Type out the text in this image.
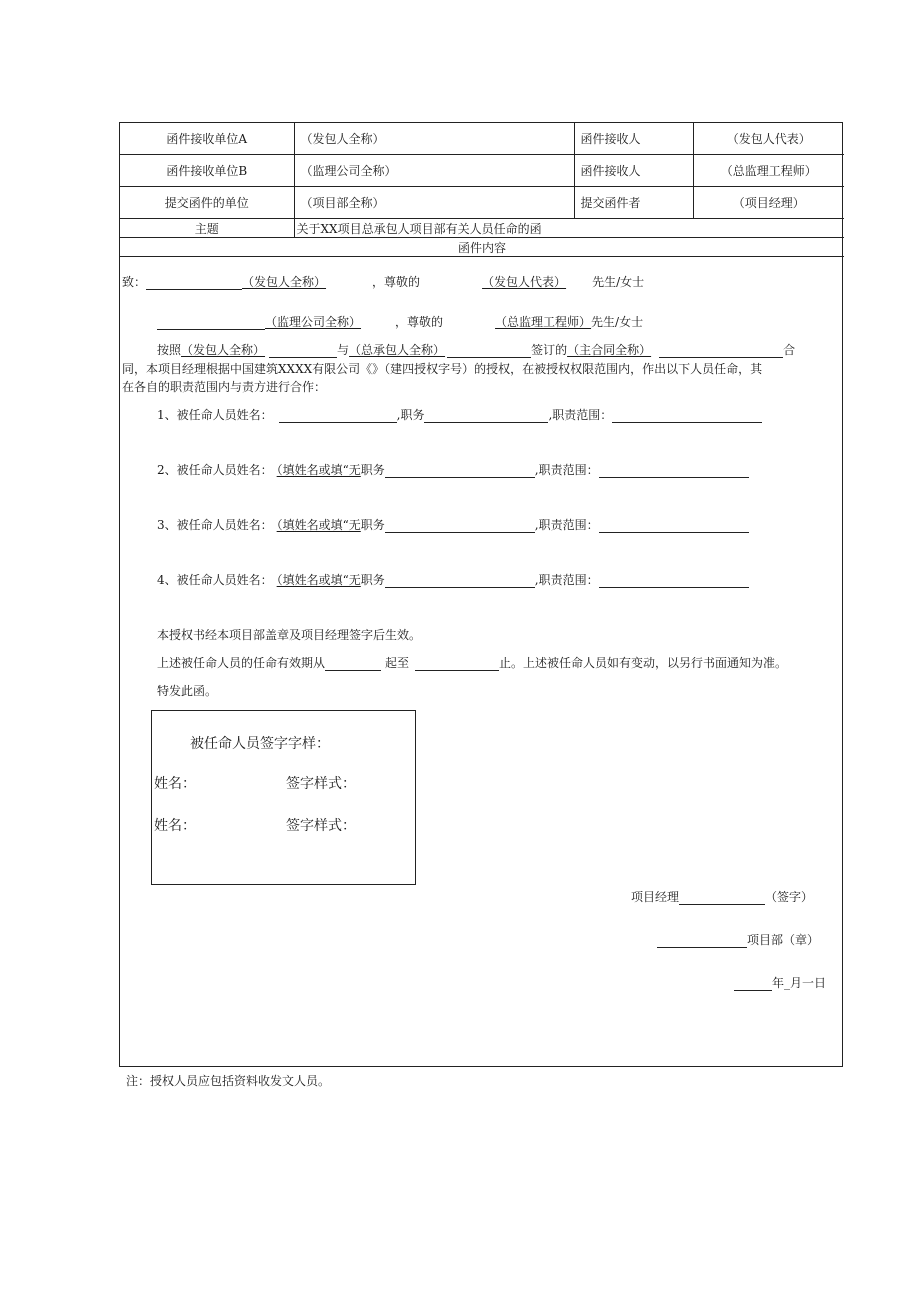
函件接收单位A	（发包人全称）	函件接收人	（发包人代表）
函件接收单位B	（监理公司全称）	函件接收人	（总监理工程师）
提交函件的单位	（项目部全称）	提交函件者	（项目经理）
主题	关于XX项目总承包人项目部有关人员任命的函		
函件内容			
致：	（发包人全称）	，尊敬的	（发包人代表） 先生/女士
（监理公司全称）	，尊敬的	（总监理工程师）先生/女士
按照（发包人全称）	与（总承包人全称）	签订的（主合同全称）	合
同，本项目经理根据中国建筑XXXX有限公司《》（建四授权字号）的授权，在被授权权限范围内，作出以下人员任命，其
在各自的职责范围内与责方进行合作：
1、被任命人员姓名：	,职务	,职责范围：
2、被任命人员姓名： （填姓名或填“无职务	,职责范围：
3、被任命人员姓名： （填姓名或填“无职务	,职责范围：
4、被任命人员姓名： （填姓名或填“无职务	,职责范围：
本授权书经本项目部盖章及项目经理签字后生效。
上述被任命人员的任命有效期从	起至	止。上述被任命人员如有变动，以另行书面通知为准。
特发此函。
被任命人员签字字样：
姓名：	签字样式：
姓名：	签字样式：
项目经理	（签字）
项目部（章）
年_月一日
注：授权人员应包括资料收发文人员。
